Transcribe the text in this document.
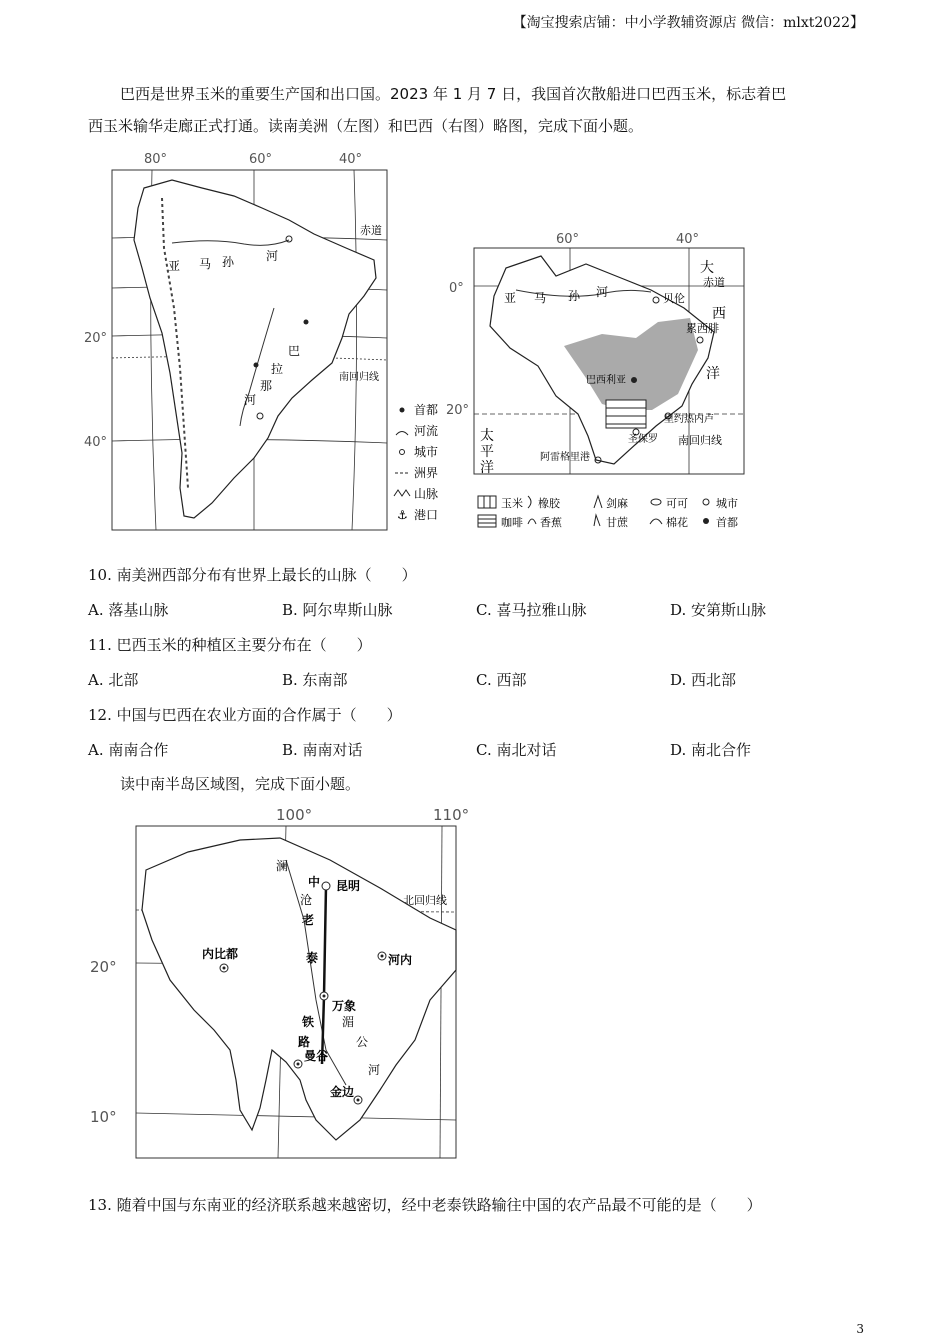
【淘宝搜索店铺：中小学教辅资源店 微信：mlxt2022】
巴西是世界玉米的重要生产国和出口国。2023 年 1 月 7 日，我国首次散船进口巴西玉米，标志着巴
西玉米输华走廊正式打通。读南美洲（左图）和巴西（右图）略图，完成下面小题。
80°	60°	40°
赤道
南回归线
20°
40°
亚 马 孙	河
巴
拉
那
河
首都
河流
城市
洲界
山脉
⚓ 港口
60°	40°
0°
20°
赤道
南回归线
亚 马 孙 河
大
西
洋
太
平
洋
贝伦
累西腓
巴西利亚
里约热内卢
圣保罗
阿雷格里港
玉米 橡胶	剑麻	可可	城市
咖啡 香蕉	甘蔗	棉花	首都
10. 南美洲西部分布有世界上最长的山脉（　　）
A. 落基山脉	B. 阿尔卑斯山脉	C. 喜马拉雅山脉	D. 安第斯山脉
11. 巴西玉米的种植区主要分布在（　　）
A. 北部	B. 东南部	C. 西部	D. 西北部
12. 中国与巴西在农业方面的合作属于（　　）
A. 南南合作	B. 南南对话	C. 南北对话	D. 南北合作
读中南半岛区域图，完成下面小题。
100°	110°
20°
10°
北回归线
昆明
河内
内比都
万象
曼谷
金边
中
老
泰
澜
沧
铁
路
湄
公
河
13. 随着中国与东南亚的经济联系越来越密切，经中老泰铁路输往中国的农产品最不可能的是（　　）
3
